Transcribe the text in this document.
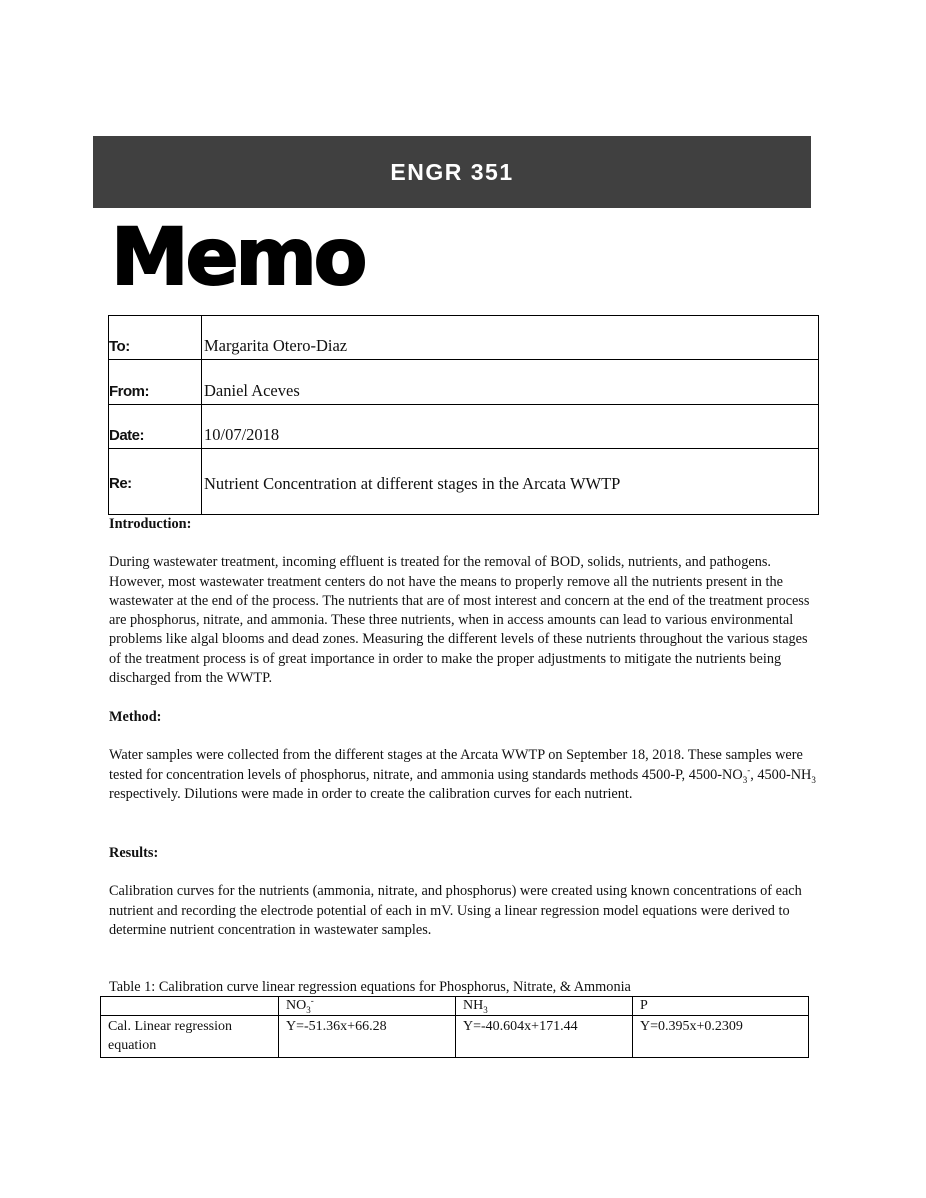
ENGR 351
Memo
To:	Margarita Otero-Diaz
From:	Daniel Aceves
Date:	10/07/2018
Re:	Nutrient Concentration at different stages in the Arcata WWTP
Introduction:

During wastewater treatment, incoming effluent is treated for the removal of BOD, solids, nutrients, and pathogens. However, most wastewater treatment centers do not have the means to properly remove all the nutrients present in the wastewater at the end of the process. The nutrients that are of most interest and concern at the end of the treatment process are phosphorus, nitrate, and ammonia. These three nutrients, when in access amounts can lead to various environmental problems like algal blooms and dead zones. Measuring the different levels of these nutrients throughout the various stages of the treatment process is of great importance in order to make the proper adjustments to mitigate the nutrients being discharged from the WWTP.

Method:

Water samples were collected from the different stages at the Arcata WWTP on September 18, 2018. These samples were tested for concentration levels of phosphorus, nitrate, and ammonia using standards methods 4500-P, $4500-NO_3^-$, $4500-NH_3$ respectively. Dilutions were made in order to create the calibration curves for each nutrient.

Results:

Calibration curves for the nutrients (ammonia, nitrate, and phosphorus) were created using known concentrations of each nutrient and recording the electrode potential of each in mV. Using a linear regression model equations were derived to determine nutrient concentration in wastewater samples.

Table 1: Calibration curve linear regression equations for Phosphorus, Nitrate, & Ammonia
	$NO_3^-$	$NH_3$	P
Cal. Linear regression equation	Y=-51.36x+66.28	Y=-40.604x+171.44	Y=0.395x+0.2309
